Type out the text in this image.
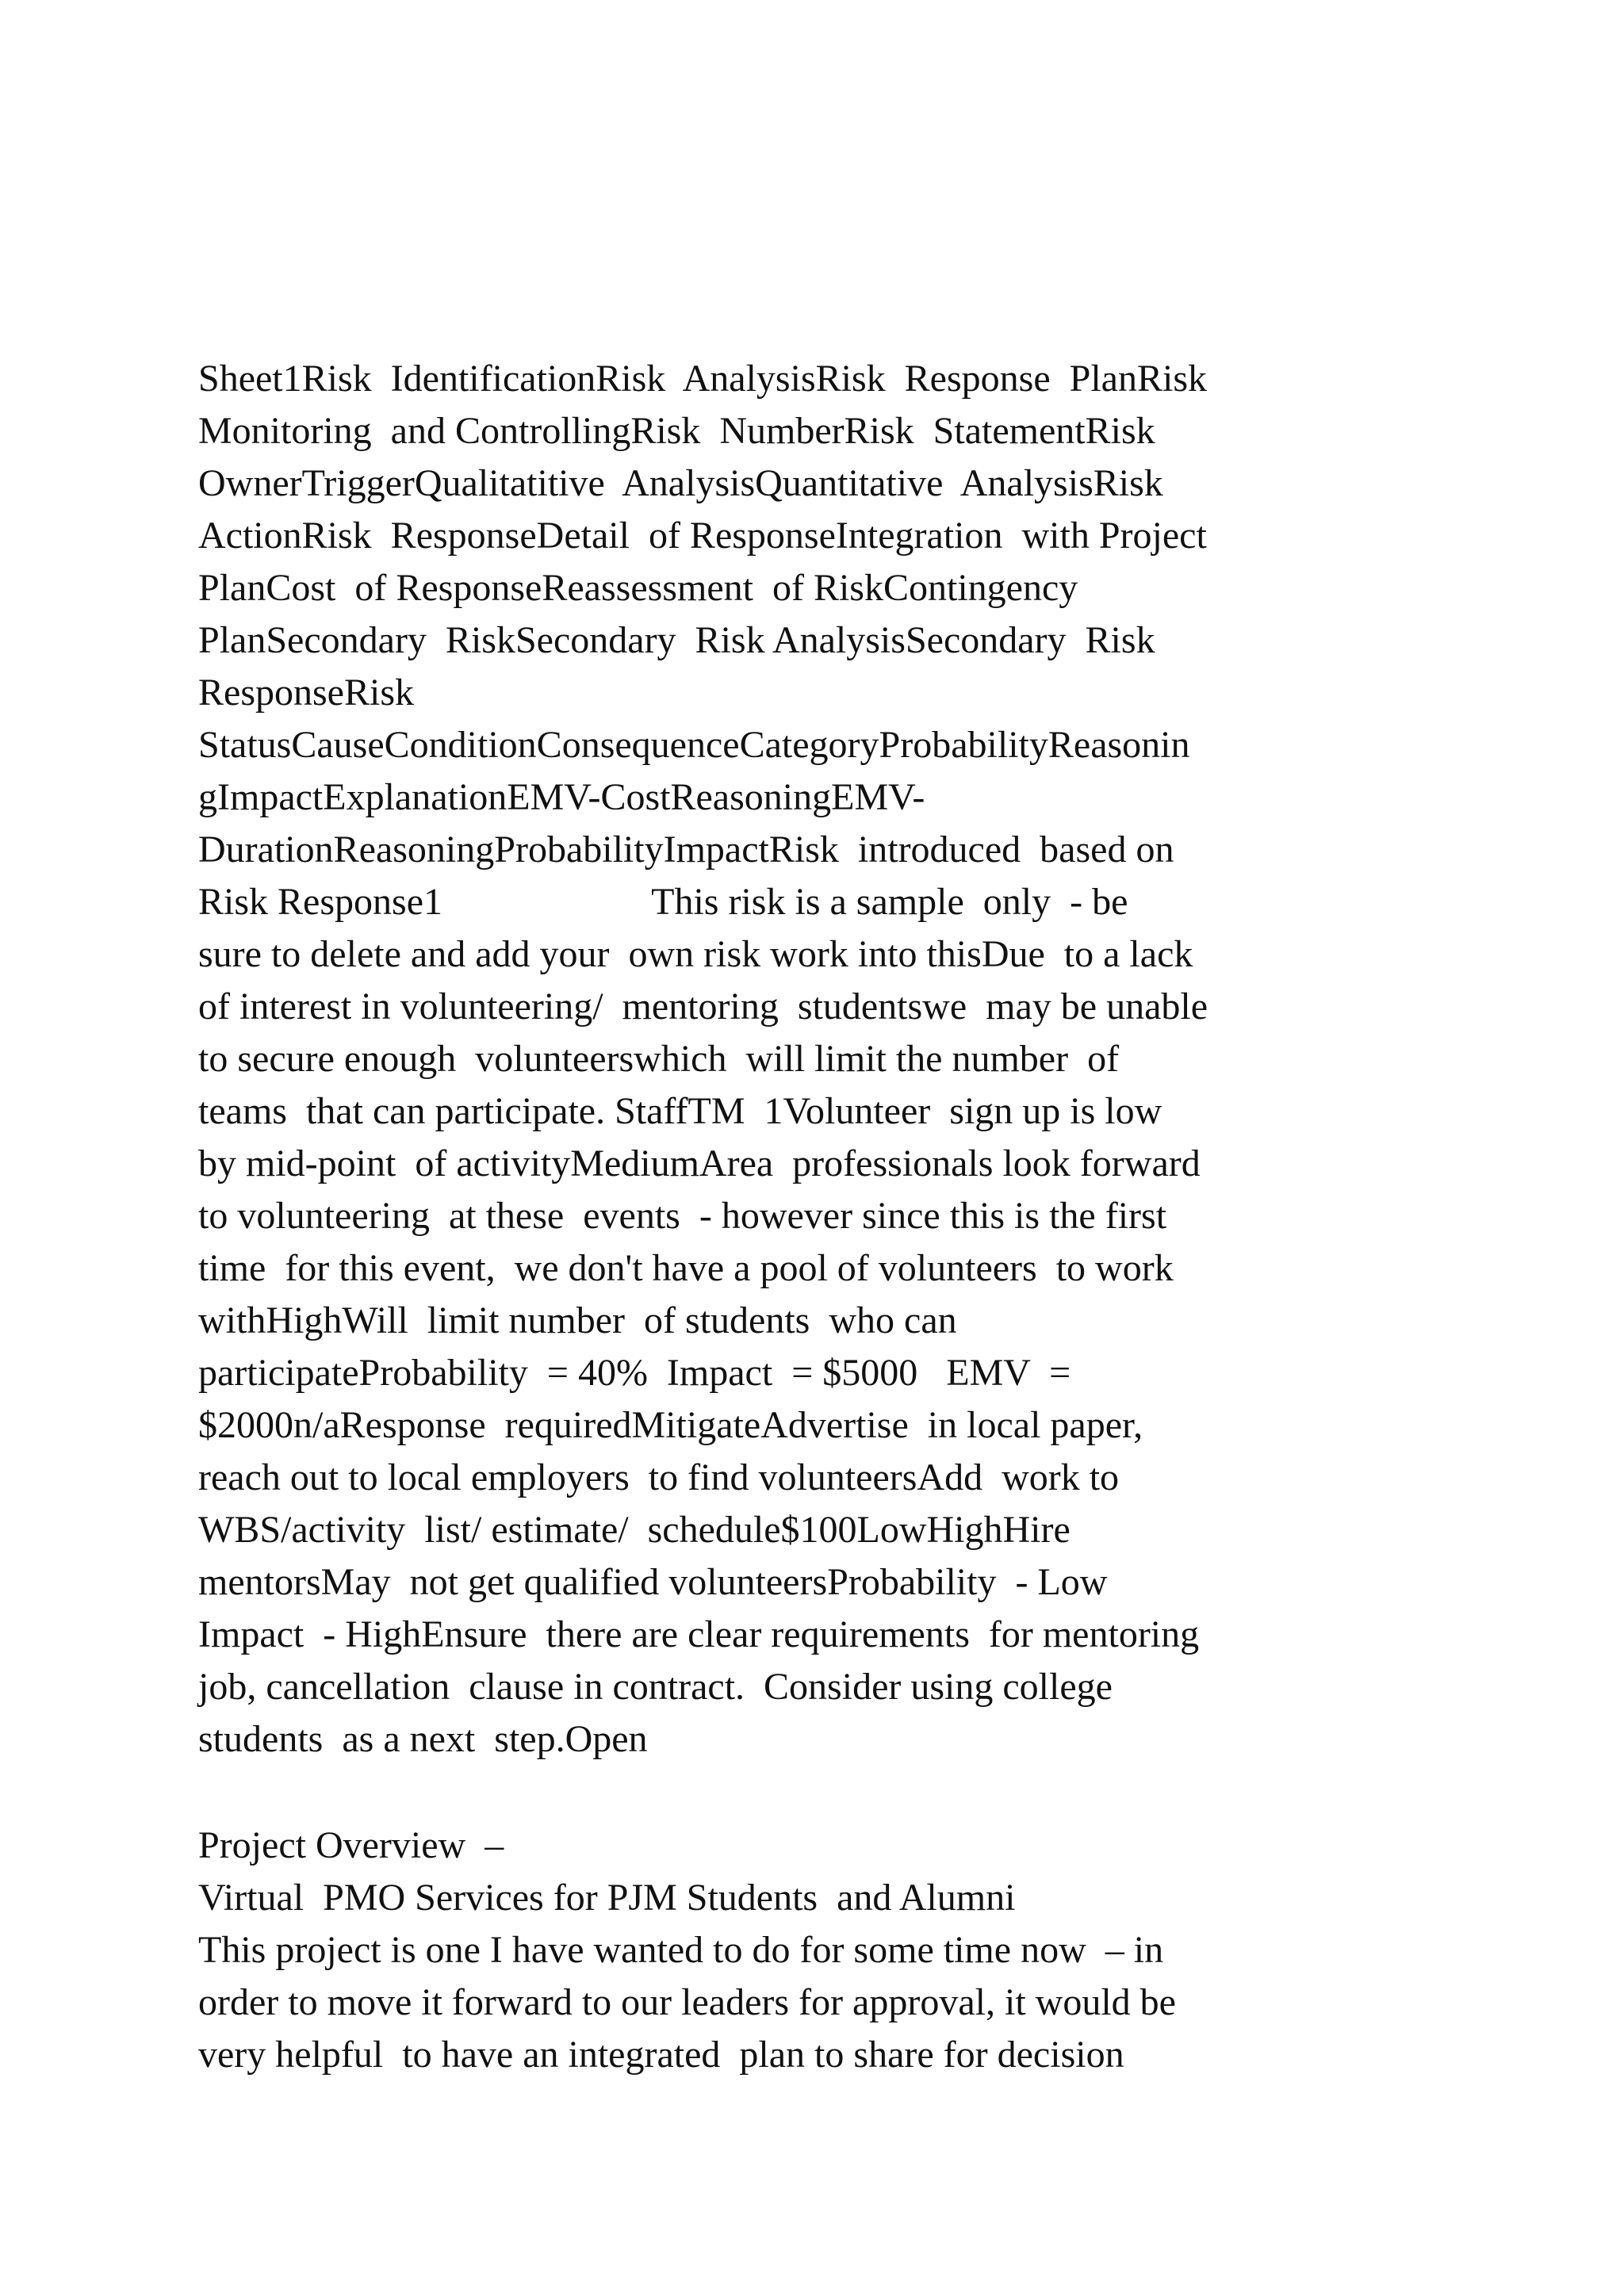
Sheet1Risk  IdentificationRisk  AnalysisRisk  Response  PlanRisk
Monitoring  and ControllingRisk  NumberRisk  StatementRisk
OwnerTriggerQualitatitive  AnalysisQuantitative  AnalysisRisk
ActionRisk  ResponseDetail  of ResponseIntegration  with Project
PlanCost  of ResponseReassessment  of RiskContingency
PlanSecondary  RiskSecondary  Risk AnalysisSecondary  Risk
ResponseRisk
StatusCauseConditionConsequenceCategoryProbabilityReasonin
gImpactExplanationEMV-CostReasoningEMV-
DurationReasoningProbabilityImpactRisk  introduced  based on
Risk Response1                      This risk is a sample  only  - be
sure to delete and add your  own risk work into thisDue  to a lack
of interest in volunteering/  mentoring  studentswe  may be unable
to secure enough  volunteerswhich  will limit the number  of
teams  that can participate. StaffTM  1Volunteer  sign up is low
by mid-point  of activityMediumArea  professionals look forward
to volunteering  at these  events  - however since this is the first
time  for this event,  we don't have a pool of volunteers  to work
withHighWill  limit number  of students  who can
participateProbability  = 40%  Impact  = $5000   EMV  =
$2000n/aResponse  requiredMitigateAdvertise  in local paper,
reach out to local employers  to find volunteersAdd  work to
WBS/activity  list/ estimate/  schedule$100LowHighHire
mentorsMay  not get qualified volunteersProbability  - Low
Impact  - HighEnsure  there are clear requirements  for mentoring
job, cancellation  clause in contract.  Consider using college
students  as a next  step.Open
Project Overview  –
Virtual  PMO Services for PJM Students  and Alumni
This project is one I have wanted to do for some time now  – in
order to move it forward to our leaders for approval, it would be
very helpful  to have an integrated  plan to share for decision
